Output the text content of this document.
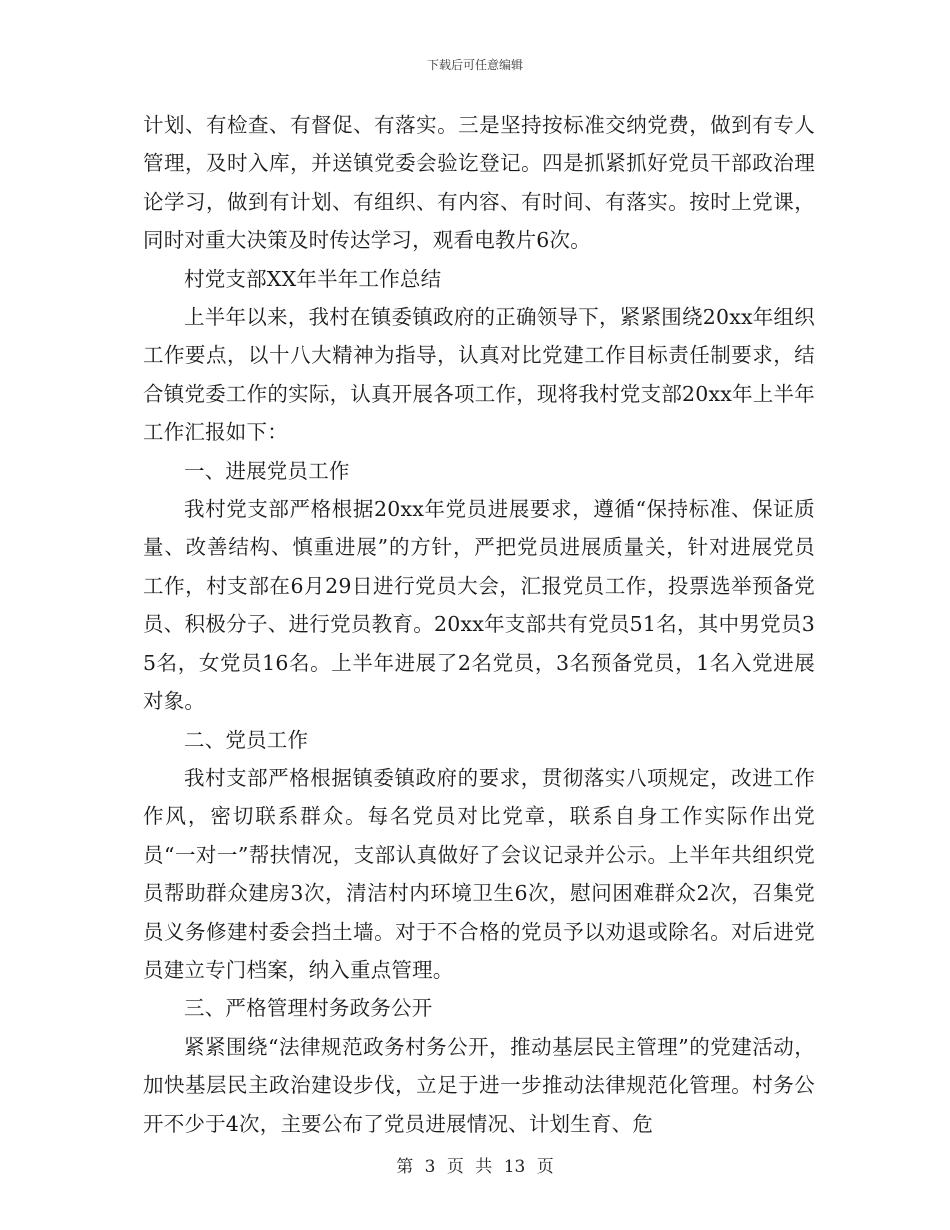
下载后可任意编辑

计划、有检查、有督促、有落实。三是坚持按标准交纳党费，做到有专人管理，及时入库，并送镇党委会验讫登记。四是抓紧抓好党员干部政治理论学习，做到有计划、有组织、有内容、有时间、有落实。按时上党课，同时对重大决策及时传达学习，观看电教片6次。

村党支部XX年半年工作总结

上半年以来，我村在镇委镇政府的正确领导下，紧紧围绕20xx年组织工作要点，以十八大精神为指导，认真对比党建工作目标责任制要求，结合镇党委工作的实际，认真开展各项工作，现将我村党支部20xx年上半年工作汇报如下：

一、进展党员工作

我村党支部严格根据20xx年党员进展要求，遵循“保持标准、保证质量、改善结构、慎重进展”的方针，严把党员进展质量关，针对进展党员工作，村支部在6月29日进行党员大会，汇报党员工作，投票选举预备党员、积极分子、进行党员教育。20xx年支部共有党员51名，其中男党员35名，女党员16名。上半年进展了2名党员，3名预备党员，1名入党进展对象。

二、党员工作

我村支部严格根据镇委镇政府的要求，贯彻落实八项规定，改进工作作风，密切联系群众。每名党员对比党章，联系自身工作实际作出党员“一对一”帮扶情况，支部认真做好了会议记录并公示。上半年共组织党员帮助群众建房3次，清洁村内环境卫生6次，慰问困难群众2次，召集党员义务修建村委会挡土墙。对于不合格的党员予以劝退或除名。对后进党员建立专门档案，纳入重点管理。

三、严格管理村务政务公开

紧紧围绕“法律规范政务村务公开，推动基层民主管理”的党建活动，加快基层民主政治建设步伐，立足于进一步推动法律规范化管理。村务公开不少于4次，主要公布了党员进展情况、计划生育、危

第 3 页 共 13 页
